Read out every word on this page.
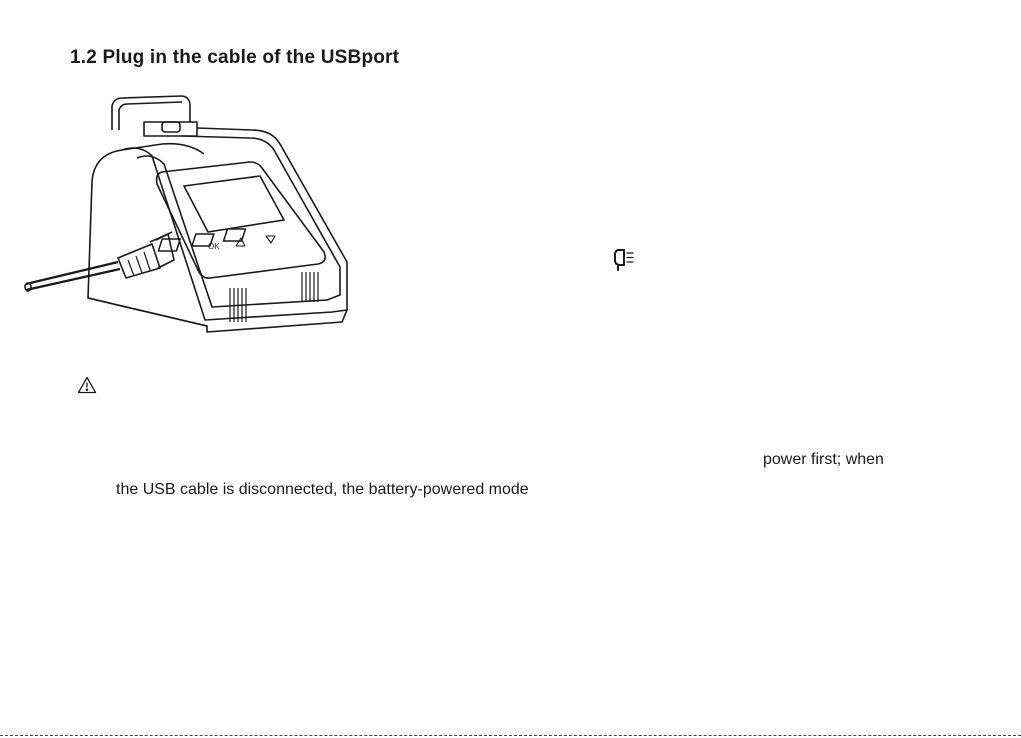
1.2 Plug in the cable of the USBport
OK
power first; when
the USB cable is disconnected, the battery-powered mode
